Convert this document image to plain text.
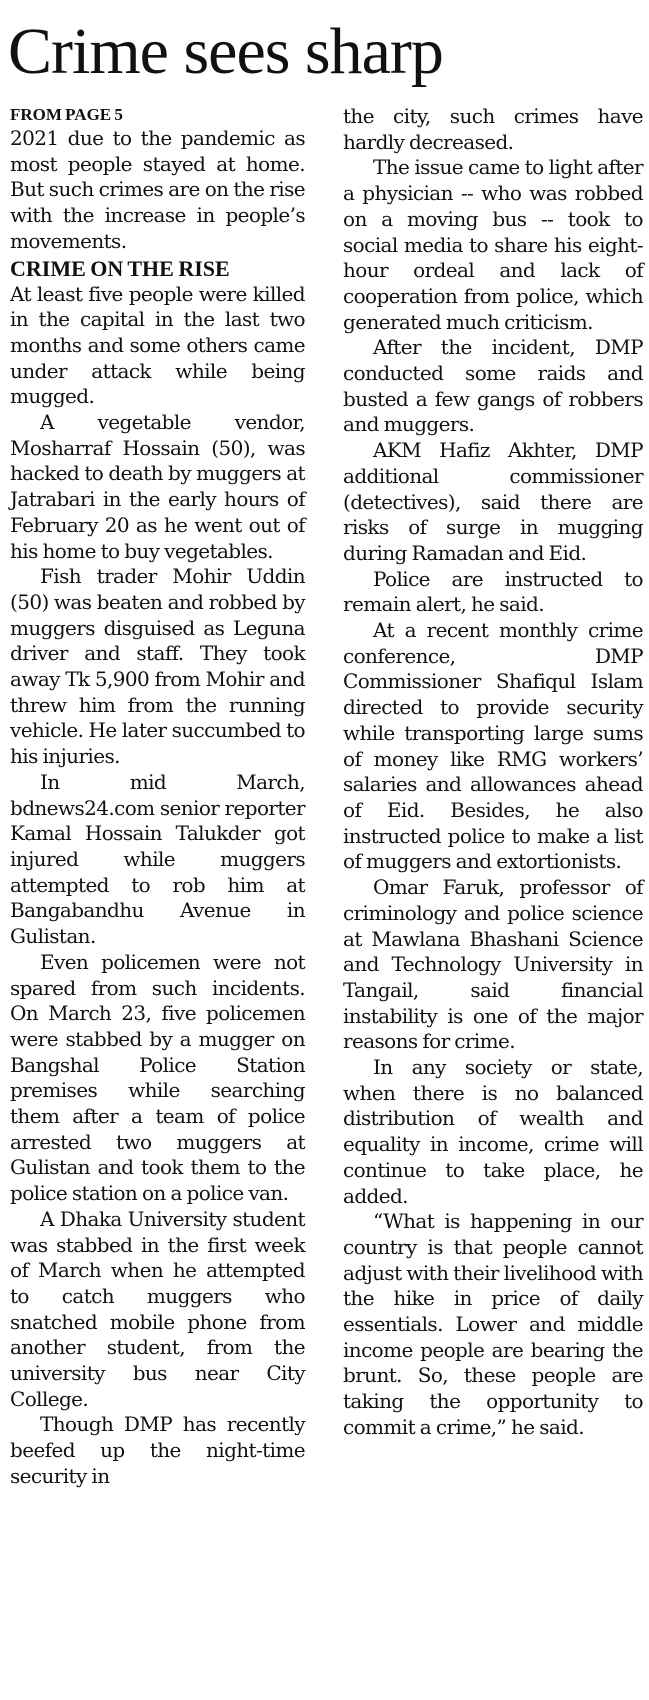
Crime sees sharp
FROM PAGE 5

2021 due to the pandemic as most people stayed at home. But such crimes are on the rise with the increase in people’s movements.

CRIME ON THE RISE

At least five people were killed in the capital in the last two months and some others came under attack while being mugged.

A vegetable vendor, Mosharraf Hossain (50), was hacked to death by muggers at Jatrabari in the early hours of February 20 as he went out of his home to buy vegetables.

Fish trader Mohir Uddin (50) was beaten and robbed by muggers disguised as Leguna driver and staff. They took away Tk 5,900 from Mohir and threw him from the running vehicle. He later succumbed to his injuries.

In mid March, bdnews24.com senior reporter Kamal Hossain Talukder got injured while muggers attempted to rob him at Bangabandhu Avenue in Gulistan.

Even policemen were not spared from such incidents. On March 23, five policemen were stabbed by a mugger on Bangshal Police Station premises while searching them after a team of police arrested two muggers at Gulistan and took them to the police station on a police van.

A Dhaka University student was stabbed in the first week of March when he attempted to catch muggers who snatched mobile phone from another student, from the university bus near City College.

Though DMP has recently beefed up the night-time security in

the city, such crimes have hardly decreased.

The issue came to light after a physician -- who was robbed on a moving bus -- took to social media to share his eight-hour ordeal and lack of cooperation from police, which generated much criticism.

After the incident, DMP conducted some raids and busted a few gangs of robbers and muggers.

AKM Hafiz Akhter, DMP additional commissioner (detectives), said there are risks of surge in mugging during Ramadan and Eid.

Police are instructed to remain alert, he said.

At a recent monthly crime conference, DMP Commissioner Shafiqul Islam directed to provide security while transporting large sums of money like RMG workers’ salaries and allowances ahead of Eid. Besides, he also instructed police to make a list of muggers and extortionists.

Omar Faruk, professor of criminology and police science at Mawlana Bhashani Science and Technology University in Tangail, said financial instability is one of the major reasons for crime.

In any society or state, when there is no balanced distribution of wealth and equality in income, crime will continue to take place, he added.

“What is happening in our country is that people cannot adjust with their livelihood with the hike in price of daily essentials. Lower and middle income people are bearing the brunt. So, these people are taking the opportunity to commit a crime,” he said.
